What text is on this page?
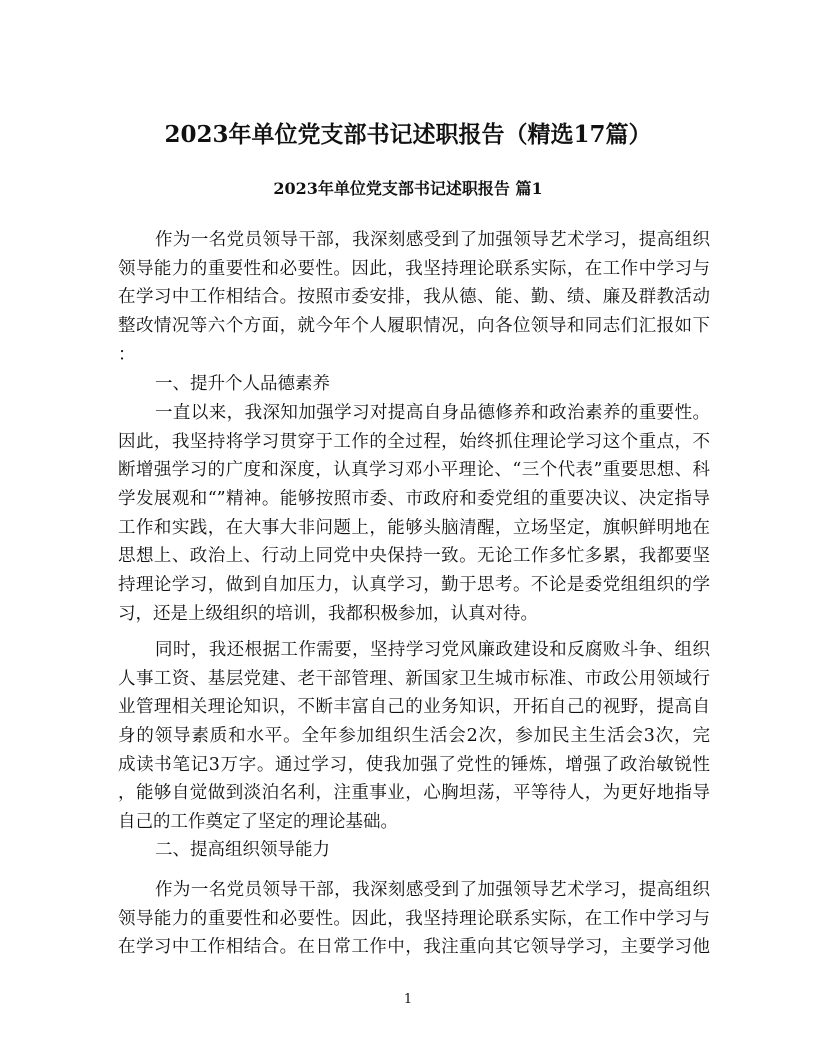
2023年单位党支部书记述职报告（精选17篇）
2023年单位党支部书记述职报告 篇1
作为一名党员领导干部，我深刻感受到了加强领导艺术学习，提高组织
领导能力的重要性和必要性。因此，我坚持理论联系实际，在工作中学习与
在学习中工作相结合。按照市委安排，我从德、能、勤、绩、廉及群教活动
整改情况等六个方面，就今年个人履职情况，向各位领导和同志们汇报如下
：
一、提升个人品德素养
一直以来，我深知加强学习对提高自身品德修养和政治素养的重要性。
因此，我坚持将学习贯穿于工作的全过程，始终抓住理论学习这个重点，不
断增强学习的广度和深度，认真学习邓小平理论、“三个代表”重要思想、科
学发展观和“”精神。能够按照市委、市政府和委党组的重要决议、决定指导
工作和实践，在大事大非问题上，能够头脑清醒，立场坚定，旗帜鲜明地在
思想上、政治上、行动上同党中央保持一致。无论工作多忙多累，我都要坚
持理论学习，做到自加压力，认真学习，勤于思考。不论是委党组组织的学
习，还是上级组织的培训，我都积极参加，认真对待。
同时，我还根据工作需要，坚持学习党风廉政建设和反腐败斗争、组织
人事工资、基层党建、老干部管理、新国家卫生城市标准、市政公用领域行
业管理相关理论知识，不断丰富自己的业务知识，开拓自己的视野，提高自
身的领导素质和水平。全年参加组织生活会2次，参加民主生活会3次，完
成读书笔记3万字。通过学习，使我加强了党性的锤炼，增强了政治敏锐性
，能够自觉做到淡泊名利，注重事业，心胸坦荡，平等待人，为更好地指导
自己的工作奠定了坚定的理论基础。
二、提高组织领导能力
作为一名党员领导干部，我深刻感受到了加强领导艺术学习，提高组织
领导能力的重要性和必要性。因此，我坚持理论联系实际，在工作中学习与
在学习中工作相结合。在日常工作中，我注重向其它领导学习，主要学习他
1
